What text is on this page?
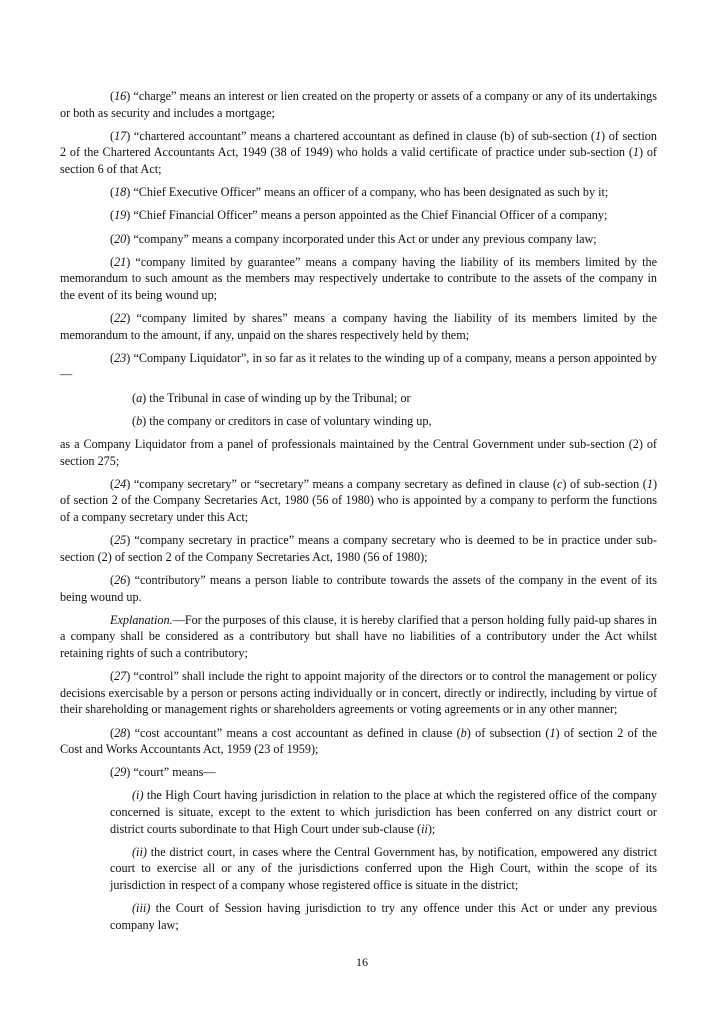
(16) “charge” means an interest or lien created on the property or assets of a company or any of its undertakings or both as security and includes a mortgage;

(17) “chartered accountant” means a chartered accountant as defined in clause (b) of sub-section (1) of section 2 of the Chartered Accountants Act, 1949 (38 of 1949) who holds a valid certificate of practice under sub-section (1) of section 6 of that Act;

(18) “Chief Executive Officer” means an officer of a company, who has been designated as such by it;

(19) “Chief Financial Officer” means a person appointed as the Chief Financial Officer of a company;

(20) “company” means a company incorporated under this Act or under any previous company law;

(21) “company limited by guarantee” means a company having the liability of its members limited by the memorandum to such amount as the members may respectively undertake to contribute to the assets of the company in the event of its being wound up;

(22) “company limited by shares” means a company having the liability of its members limited by the memorandum to the amount, if any, unpaid on the shares respectively held by them;

(23) “Company Liquidator”, in so far as it relates to the winding up of a company, means a person appointed by—

(a) the Tribunal in case of winding up by the Tribunal; or

(b) the company or creditors in case of voluntary winding up,

as a Company Liquidator from a panel of professionals maintained by the Central Government under sub-section (2) of section 275;

(24) “company secretary” or “secretary” means a company secretary as defined in clause (c) of sub-section (1) of section 2 of the Company Secretaries Act, 1980 (56 of 1980) who is appointed by a company to perform the functions of a company secretary under this Act;

(25) “company secretary in practice” means a company secretary who is deemed to be in practice under sub-section (2) of section 2 of the Company Secretaries Act, 1980 (56 of 1980);

(26) “contributory” means a person liable to contribute towards the assets of the company in the event of its being wound up.

Explanation.—For the purposes of this clause, it is hereby clarified that a person holding fully paid-up shares in a company shall be considered as a contributory but shall have no liabilities of a contributory under the Act whilst retaining rights of such a contributory;

(27) “control” shall include the right to appoint majority of the directors or to control the management or policy decisions exercisable by a person or persons acting individually or in concert, directly or indirectly, including by virtue of their shareholding or management rights or shareholders agreements or voting agreements or in any other manner;

(28) “cost accountant” means a cost accountant as defined in clause (b) of subsection (1) of section 2 of the Cost and Works Accountants Act, 1959 (23 of 1959);

(29) “court” means—

(i) the High Court having jurisdiction in relation to the place at which the registered office of the company concerned is situate, except to the extent to which jurisdiction has been conferred on any district court or district courts subordinate to that High Court under sub-clause (ii);

(ii) the district court, in cases where the Central Government has, by notification, empowered any district court to exercise all or any of the jurisdictions conferred upon the High Court, within the scope of its jurisdiction in respect of a company whose registered office is situate in the district;

(iii) the Court of Session having jurisdiction to try any offence under this Act or under any previous company law;

16
